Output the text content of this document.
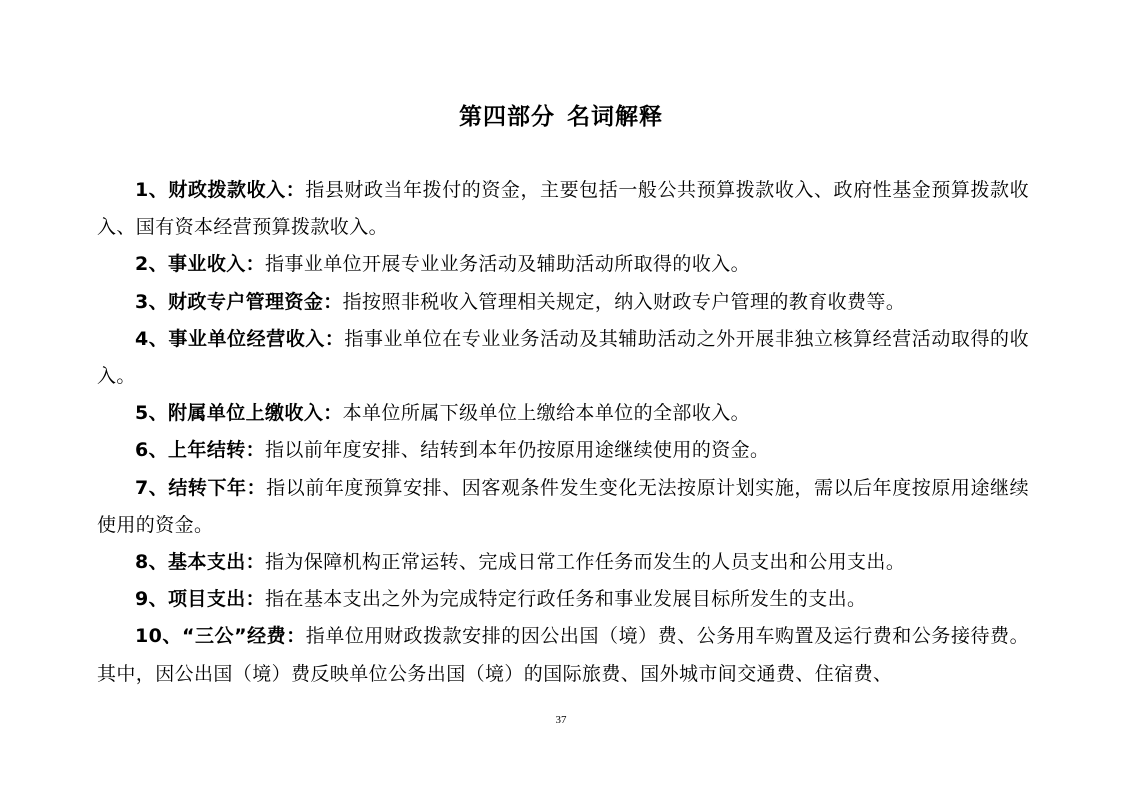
第四部分 名词解释

1、财政拨款收入：指县财政当年拨付的资金，主要包括一般公共预算拨款收入、政府性基金预算拨款收入、国有资本经营预算拨款收入。

2、事业收入：指事业单位开展专业业务活动及辅助活动所取得的收入。

3、财政专户管理资金：指按照非税收入管理相关规定，纳入财政专户管理的教育收费等。

4、事业单位经营收入：指事业单位在专业业务活动及其辅助活动之外开展非独立核算经营活动取得的收入。

5、附属单位上缴收入：本单位所属下级单位上缴给本单位的全部收入。

6、上年结转：指以前年度安排、结转到本年仍按原用途继续使用的资金。

7、结转下年：指以前年度预算安排、因客观条件发生变化无法按原计划实施，需以后年度按原用途继续使用的资金。

8、基本支出：指为保障机构正常运转、完成日常工作任务而发生的人员支出和公用支出。

9、项目支出：指在基本支出之外为完成特定行政任务和事业发展目标所发生的支出。

10、“三公”经费：指单位用财政拨款安排的因公出国（境）费、公务用车购置及运行费和公务接待费。其中，因公出国（境）费反映单位公务出国（境）的国际旅费、国外城市间交通费、住宿费、

37
